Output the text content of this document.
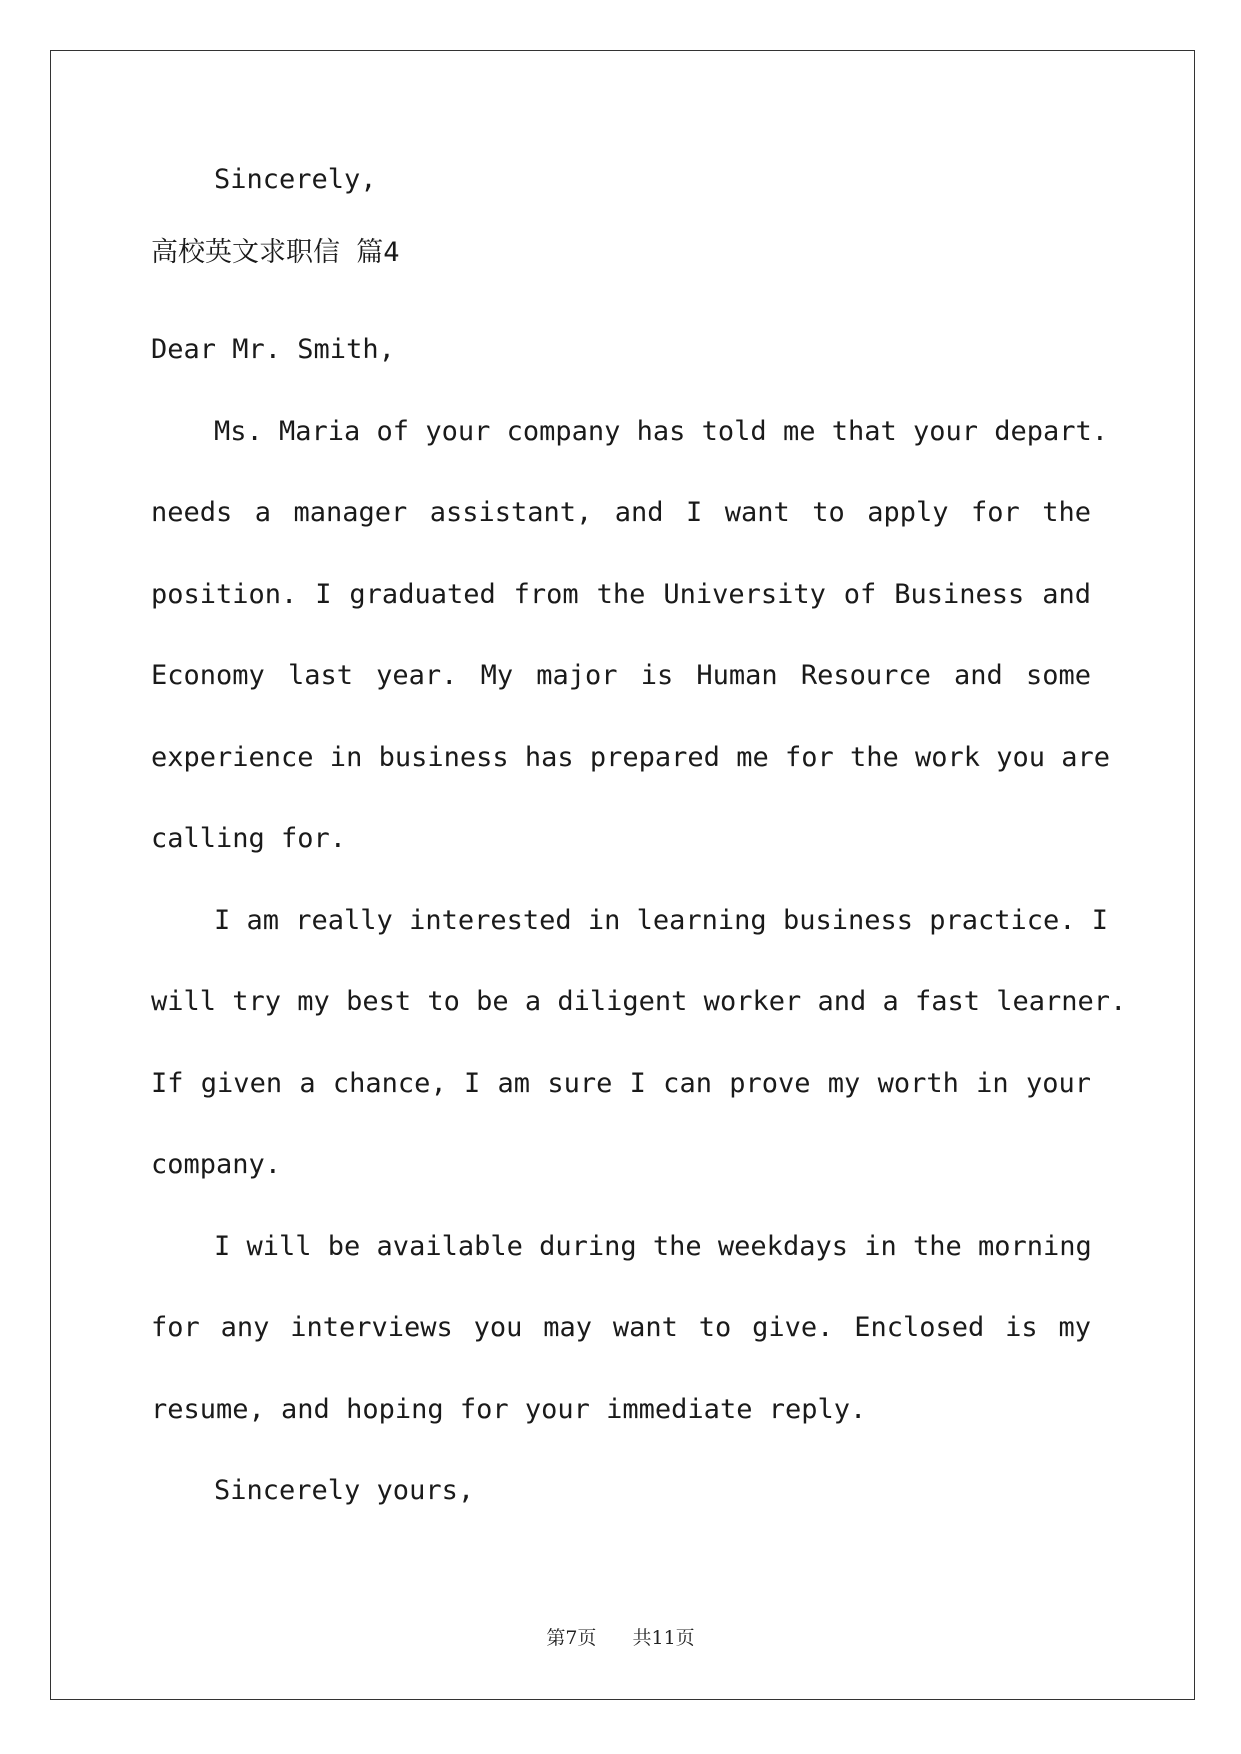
Sincerely,
高校英文求职信 篇4
Dear Mr. Smith,
Ms. Maria of your company has told me that your depart.
needs a manager assistant, and I want to apply for the
position. I graduated from the University of Business and
Economy last year. My major is Human Resource and some
experience in business has prepared me for the work you are
calling for.
I am really interested in learning business practice. I
will try my best to be a diligent worker and a fast learner.
If given a chance, I am sure I can prove my worth in your
company.
I will be available during the weekdays in the morning
for any interviews you may want to give. Enclosed is my
resume, and hoping for your immediate reply.
Sincerely yours,
第7页 共11页
